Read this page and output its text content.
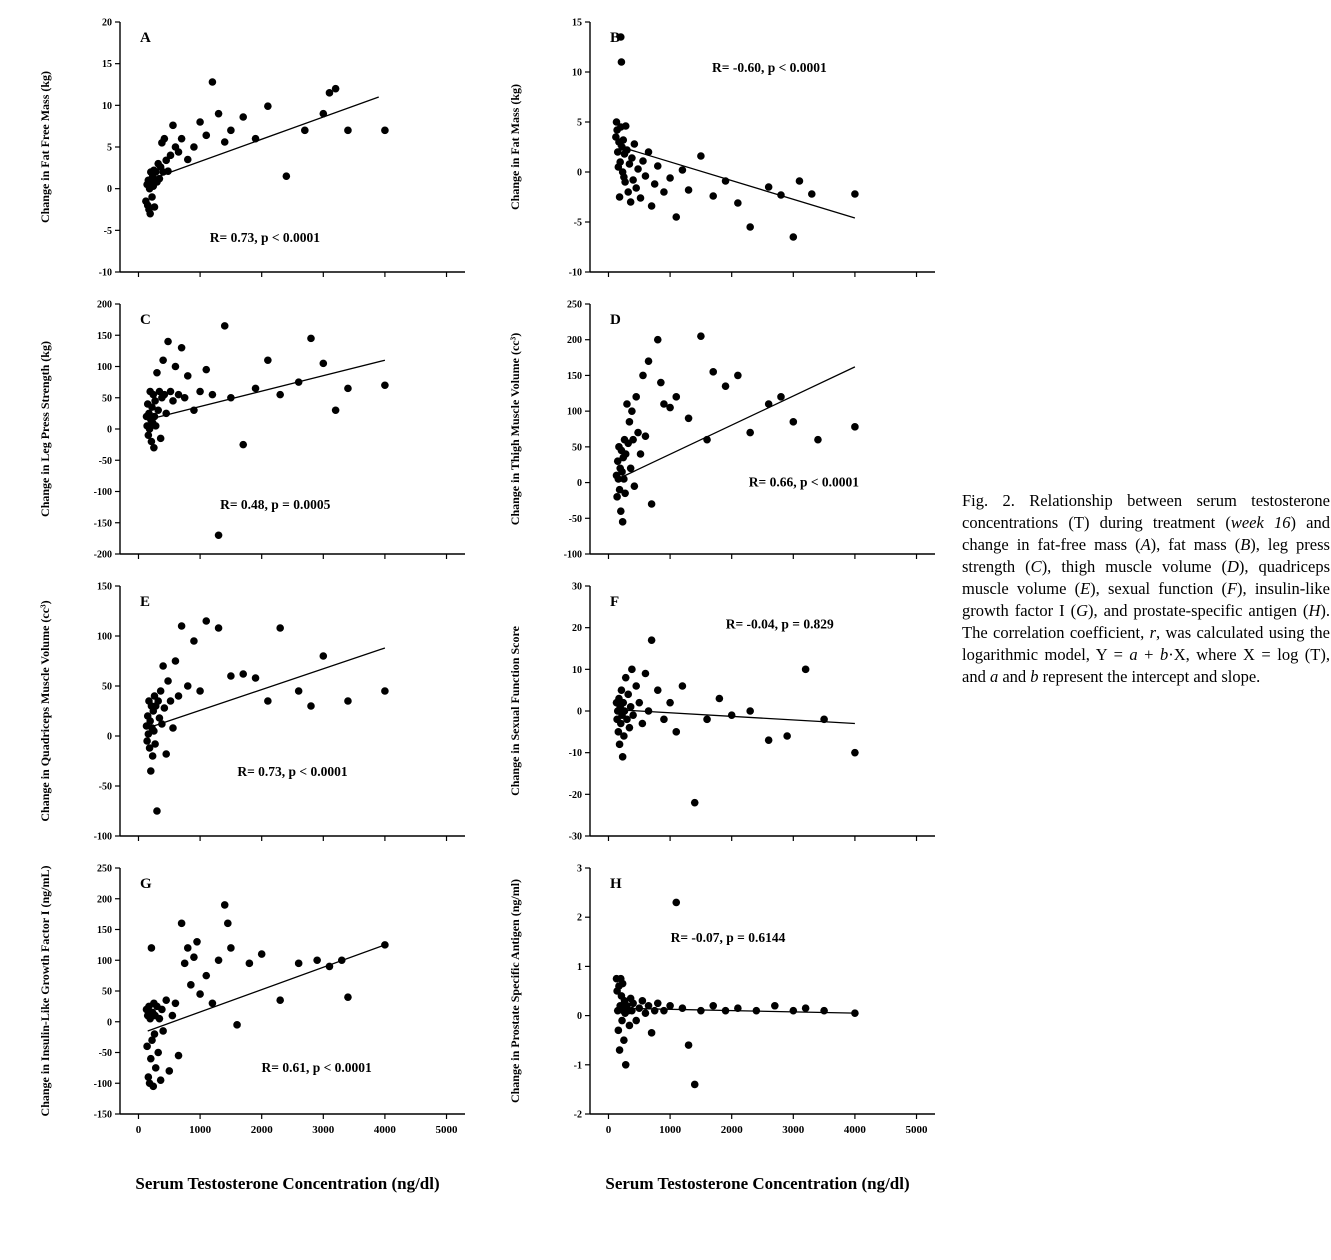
-10
-5
0
5
10
15
20
A
R= 0.73, p < 0.0001
Change in Fat Free Mass (kg)
-200
-150
-100
-50
0
50
100
150
200
C
R= 0.48, p = 0.0005
Change in Leg Press Strength (kg)
-100
-50
0
50
100
150
E
R= 0.73, p < 0.0001
Change in Quadriceps Muscle Volume (cc³)
-150
-100
-50
0
50
100
150
200
250
0	1000	2000	3000	4000	5000
G
R= 0.61, p < 0.0001
Change in Insulin-Like Growth Factor I (ng/mL)
Serum Testosterone Concentration (ng/dl)
-10
-5
0
5
10
15
B
R= -0.60, p < 0.0001
Change in Fat Mass (kg)
-100
-50
0
50
100
150
200
250
D
R= 0.66, p < 0.0001
Change in Thigh Muscle Volume (cc³)
-30
-20
-10
0
10
20
30
F
R= -0.04, p = 0.829
Change in Sexual Function Score
-2
-1
0
1
2
3
0	1000	2000	3000	4000	5000
H
R= -0.07, p = 0.6144
Change in Prostate Specific Antigen (ng/ml)
Serum Testosterone Concentration (ng/dl)
Fig. 2. Relationship between serum testosterone concentrations (T) during treatment (week 16) and change in fat-free mass (A), fat mass (B), leg press strength (C), thigh muscle volume (D), quadriceps muscle volume (E), sexual function (F), insulin-like growth factor I (G), and prostate-specific antigen (H). The correlation coefficient, r, was calculated using the logarithmic model, Y = a + b·X, where X = log (T), and a and b represent the intercept and slope.
